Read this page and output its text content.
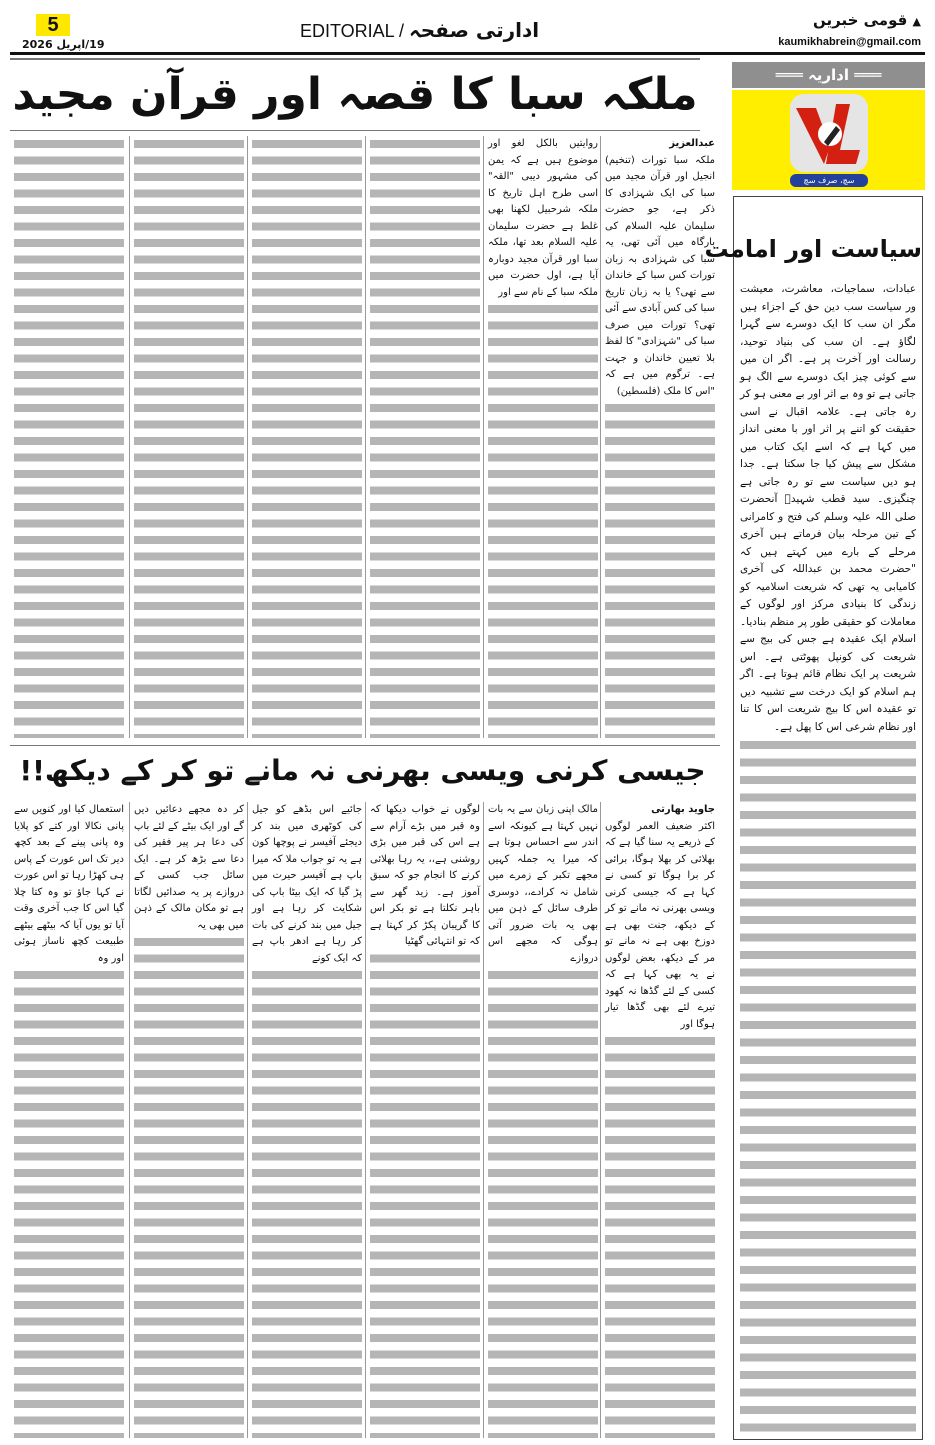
5
19/اپریل 2026
EDITORIAL / ادارتی صفحہ	▲ قومی خبریں
kaumikhabrein@gmail.com
ملکہ سبا کا قصہ اور قرآن مجید	═══ اداریہ ═══
سچ، صرف سچ
سیاست اور امامت
عبادات، سماجیات، معاشرت، معیشت ور سیاست سب دین حق کے اجزاء ہیں مگر ان سب کا ایک دوسرے سے گہرا لگاؤ ہے۔ ان سب کی بنیاد توحید، رسالت اور آخرت پر ہے۔ اگر ان میں سے کوئی چیز ایک دوسرے سے الگ ہو جاتی ہے تو وہ بے اثر اور بے معنی ہو کر رہ جاتی ہے۔ علامہ اقبال نے اسی حقیقت کو اتنے پر اثر اور با معنی انداز میں کہا ہے کہ اسے ایک کتاب میں مشکل سے پیش کیا جا سکتا ہے۔ جدا ہو دیں سیاست سے تو رہ جاتی ہے چنگیزی۔ سید قطب شہیدؒ آنحضرت صلی اللہ علیہ وسلم کی فتح و کامرانی کے تین مرحلہ بیان فرماتے ہیں آخری مرحلے کے بارے میں کہتے ہیں کہ "حضرت محمد بن عبداللہ کی آخری کامیابی یہ تھی کہ شریعت اسلامیہ کو زندگی کا بنیادی مرکز اور لوگوں کے معاملات کو حقیقی طور پر منظم بنادیا۔ اسلام ایک عقیدہ ہے جس کی بیج سے شریعت کی کونپل پھوٹتی ہے۔ اس شریعت پر ایک نظام قائم ہوتا ہے۔ اگر ہم اسلام کو ایک درخت سے تشبیہ دیں تو عقیدہ اس کا بیج شریعت اس کا تنا اور نظام شرعی اس کا پھل ہے۔
عبدالعزیز
ملکہ سبا تورات (تنخیم) انجیل اور قرآن مجید میں سبا کی ایک شہزادی کا ذکر ہے، جو حضرت سلیمان علیہ السلام کی بارگاہ میں آئی تھی، یہ سبا کی شہزادی بہ زبان تورات کس سبا کے خاندان سے تھی؟ یا بہ زبان تاریخ سبا کی کس آبادی سے آئی تھی؟ تورات میں صرف سبا کی "شہزادی" کا لفظ بلا تعیین خاندان و جہت ہے۔ ترگوم میں ہے کہ "اس کا ملک (فلسطین)
روایتیں بالکل لغو اور موضوع ہیں ہے کہ یمن کی مشہور دیبی "القہ" اسی طرح اہل تاریخ کا ملکہ شرحبیل لکھنا بھی غلط ہے حضرت سلیمان علیہ السلام بعد تھا، ملکہ سبا اور قرآن مجید دوبارہ آیا ہے، اول حضرت میں ملکہ سبا کے نام سے اور
جیسی کرنی ویسی بھرنی نہ مانے تو کر کے دیکھ!!
جاوید بھارتی
اکثر ضعیف العمر لوگوں کے ذریعے یہ سنا گیا ہے کہ بھلائی کر بھلا ہوگا، برائی کر برا ہوگا تو کسی نے کہا ہے کہ جیسی کرنی ویسی بھرنی نہ مانے تو کر کے دیکھ، جنت بھی ہے دوزخ بھی ہے نہ مانے تو مر کے دیکھ، بعض لوگوں نے یہ بھی کہا ہے کہ کسی کے لئے گڈھا نہ کھود تیرے لئے بھی گڈھا تیار ہوگا اور
مالک اپنی زبان سے یہ بات نہیں کہتا ہے کیونکہ اسے اندر سے احساس ہوتا ہے کہ میرا یہ جملہ کہیں مجھے تکبر کے زمرے میں شامل نہ کرادے،، دوسری طرف سائل کے ذہن میں بھی یہ بات ضرور آتی ہوگی کہ مجھے اس دروازے
لوگوں نے خواب دیکھا کہ وہ قبر میں بڑے آرام سے ہے اس کی قبر میں بڑی روشنی ہے،، یہ رہا بھلائی کرنے کا انجام جو کہ سبق آموز ہے۔ زید گھر سے باہر نکلتا ہے تو بکر اس کا گریبان پکڑ کر کہتا ہے کہ تو انتہائی گھٹیا
جائیے اس بڈھے کو جیل کی کوٹھری میں بند کر دیجئے آفیسر نے پوچھا کون ہے یہ تو جواب ملا کہ میرا باپ ہے آفیسر حیرت میں پڑ گیا کہ ایک بیٹا باپ کی شکایت کر رہا ہے اور جیل میں بند کرنے کی بات کر رہا ہے ادھر باپ ہے کہ ایک کونے
کر دہ مجھے دعائیں دیں گے اور ایک بیٹے کے لئے باپ کی دعا ہر پیر فقیر کی دعا سے بڑھ کر ہے۔ ایک سائل جب کسی کے دروازے پر یہ صدائیں لگاتا ہے تو مکان مالک کے ذہن میں بھی یہ
استعمال کیا اور کنویں سے پانی نکالا اور کتے کو پلایا وہ پانی پینے کے بعد کچھ دیر تک اس عورت کے پاس ہی کھڑا رہا تو اس عورت نے کہا جاؤ تو وہ کتا چلا گیا اس کا جب آخری وقت آیا تو یوں آیا کہ بیٹھے بیٹھے طبیعت کچھ ناساز ہوئی اور وہ
